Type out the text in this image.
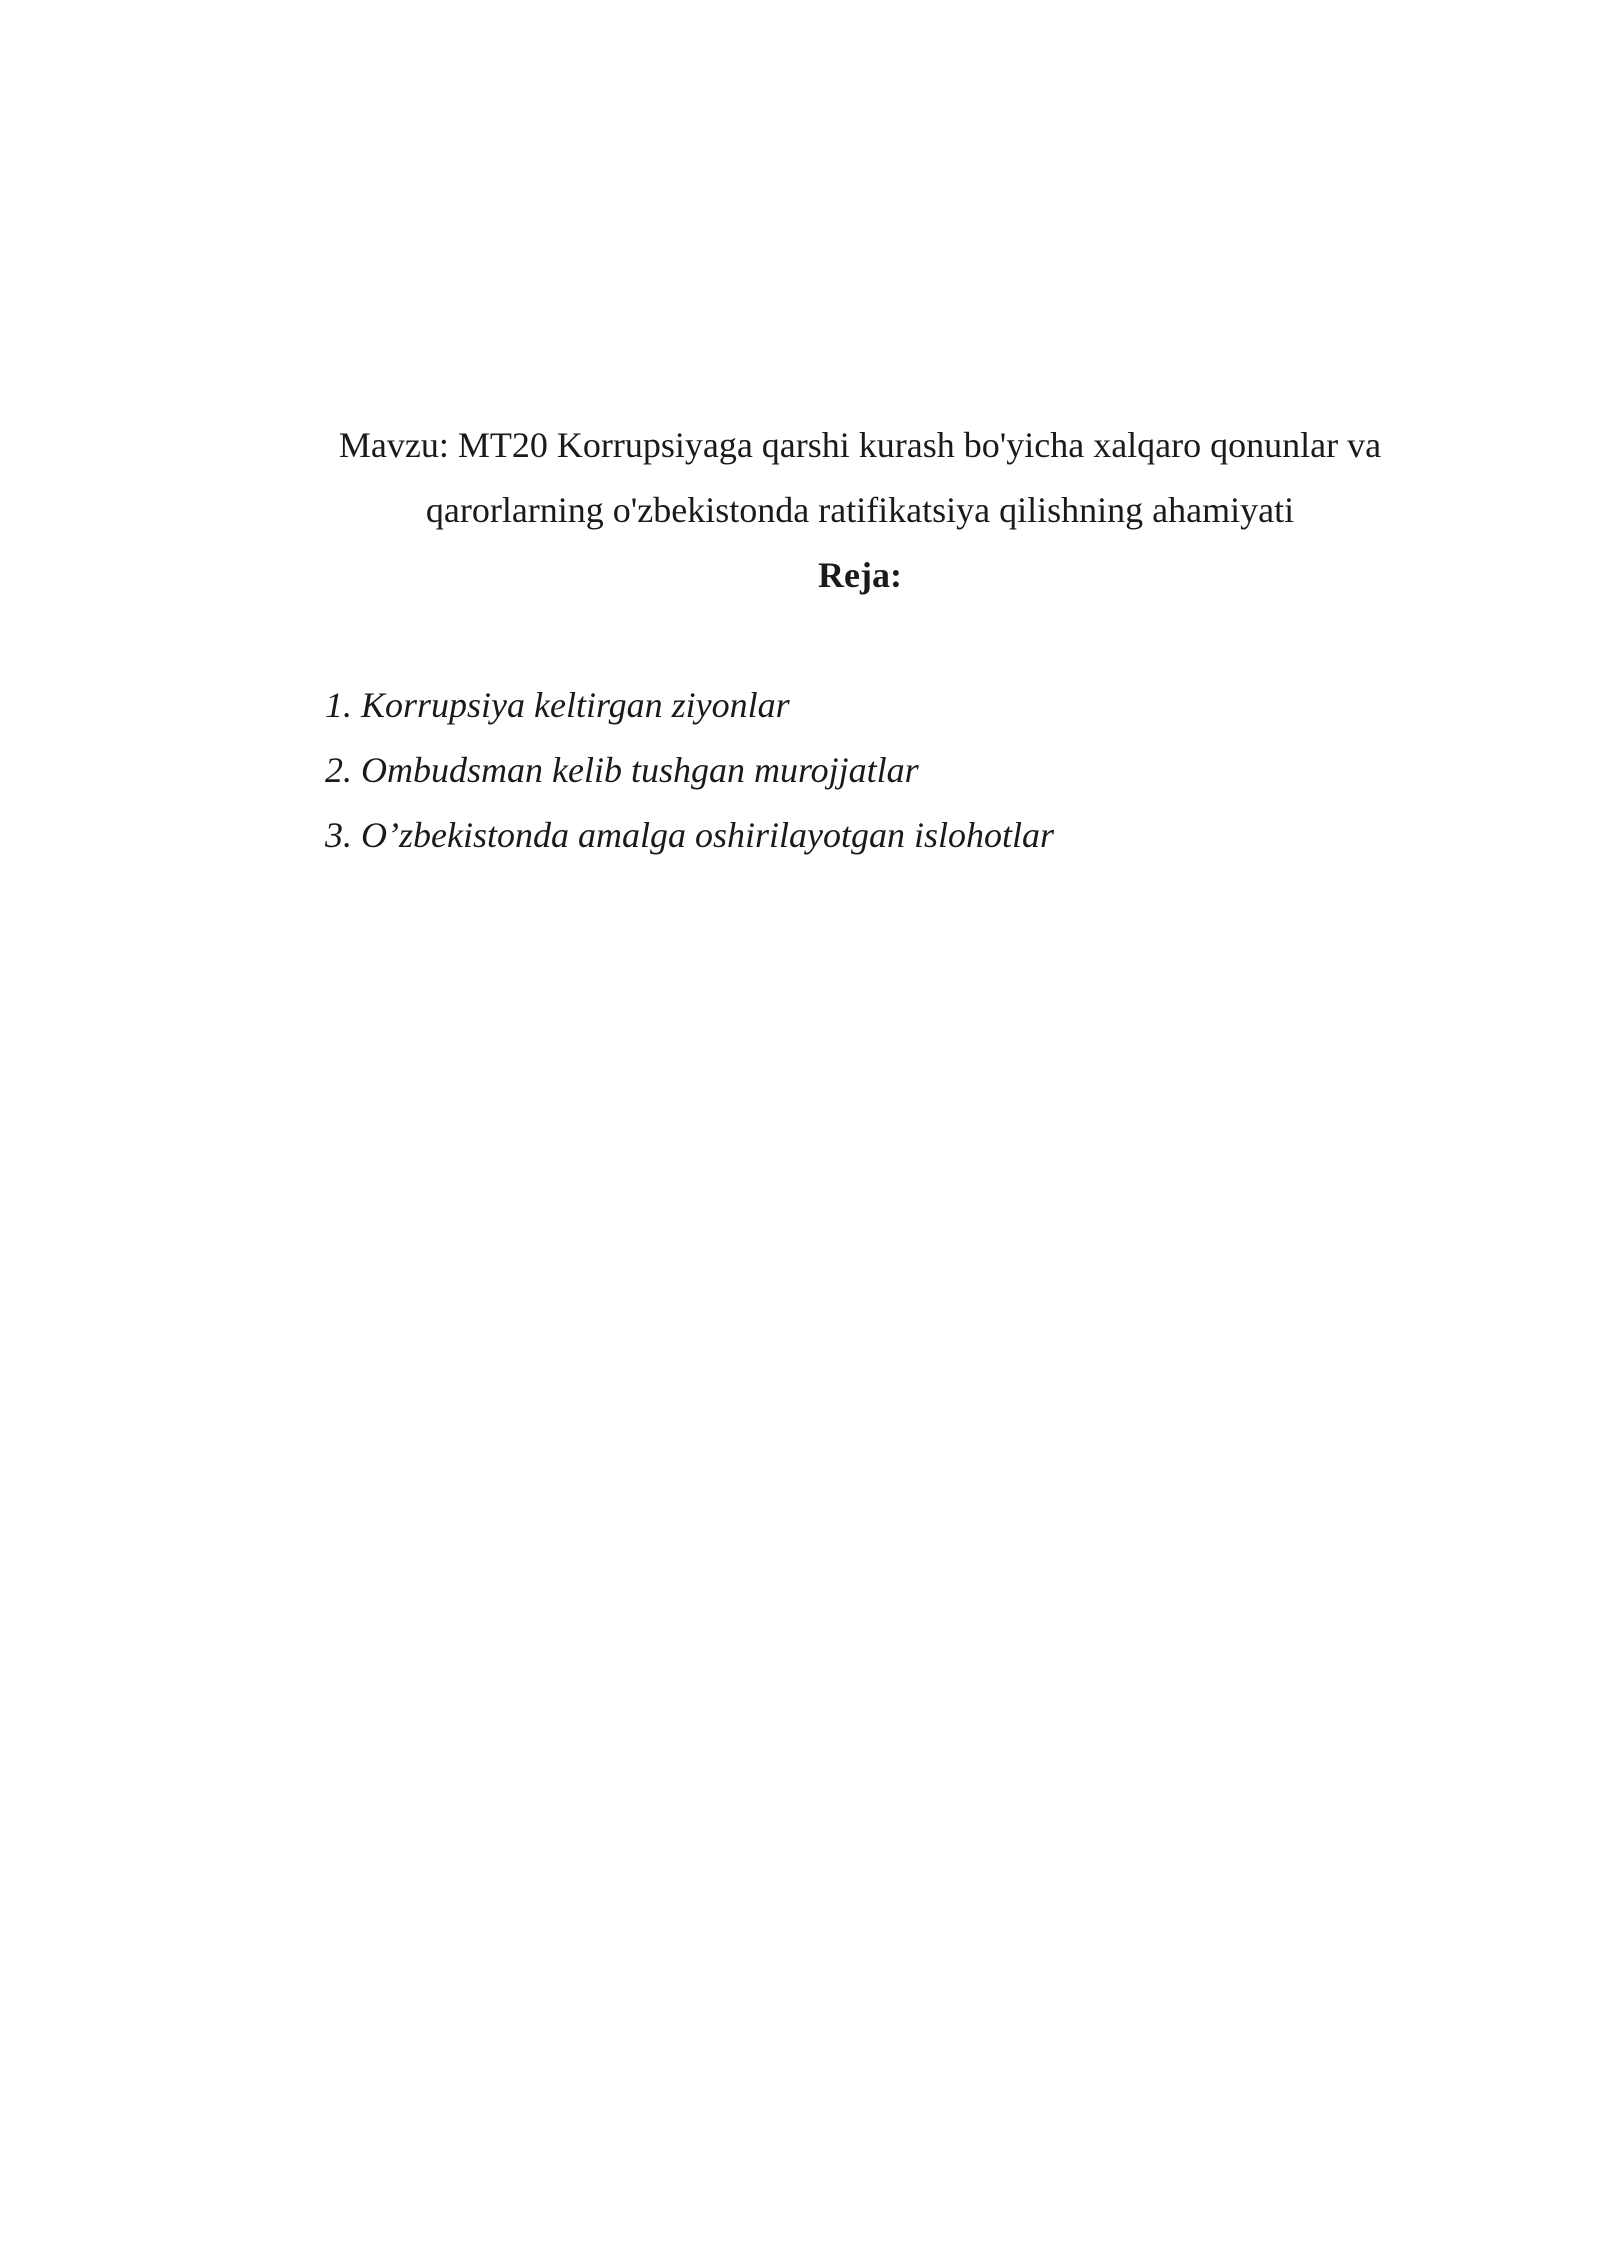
Mavzu: MT20 Korrupsiyaga qarshi kurash bo'yicha xalqaro qonunlar va
qarorlarning o'zbekistonda ratifikatsiya qilishning ahamiyati
Reja:
1. Korrupsiya keltirgan ziyonlar
2. Ombudsman kelib tushgan murojjatlar
3. O’zbekistonda amalga oshirilayotgan islohotlar
